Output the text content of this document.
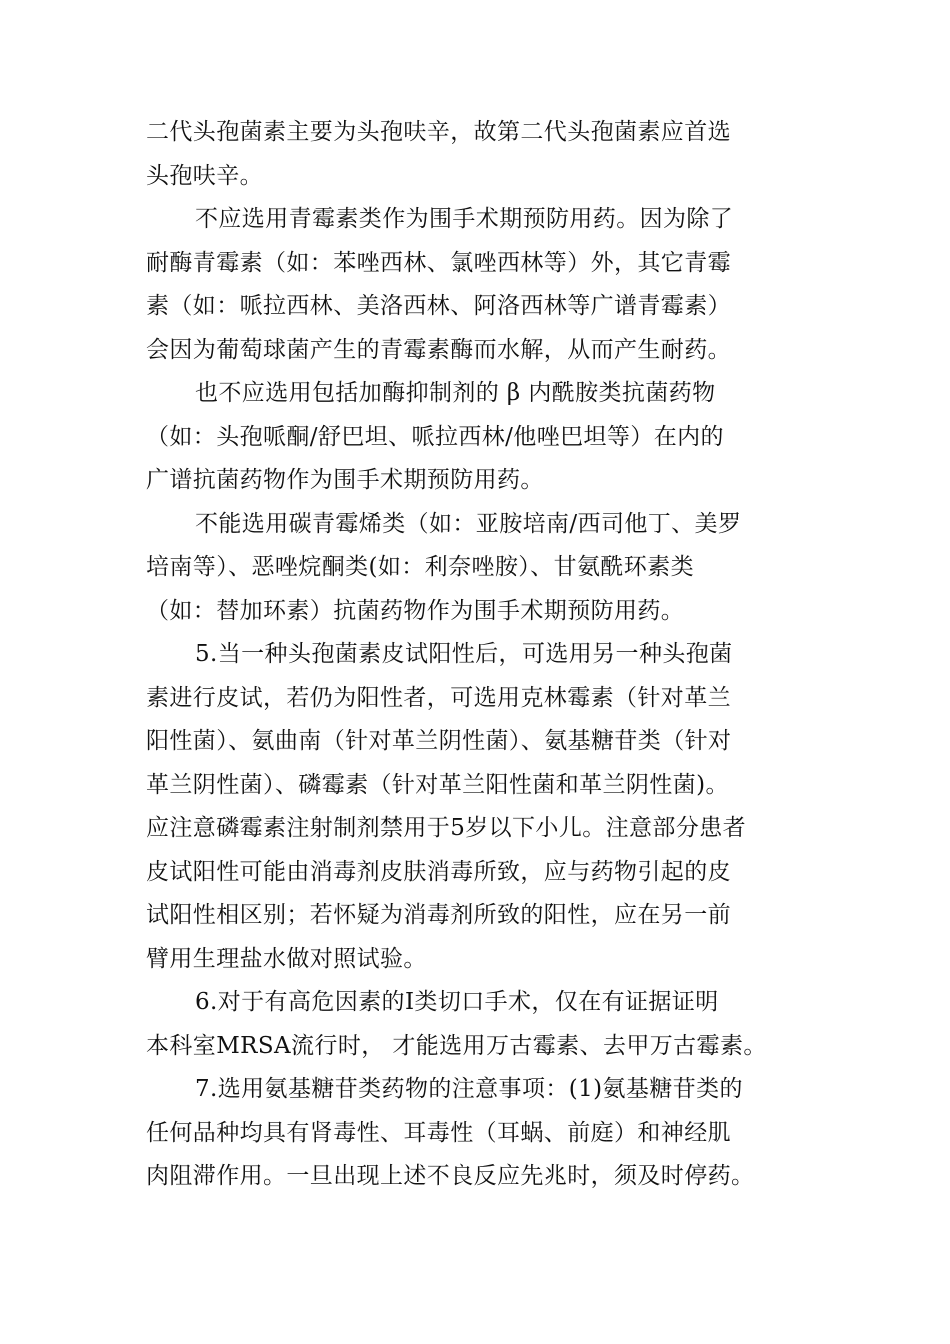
二代头孢菌素主要为头孢呋辛，故第二代头孢菌素应首选
头孢呋辛。
不应选用青霉素类作为围手术期预防用药。因为除了
耐酶青霉素（如：苯唑西林、氯唑西林等）外，其它青霉
素（如：哌拉西林、美洛西林、阿洛西林等广谱青霉素）
会因为葡萄球菌产生的青霉素酶而水解，从而产生耐药。
也不应选用包括加酶抑制剂的 β 内酰胺类抗菌药物
（如：头孢哌酮/舒巴坦、哌拉西林/他唑巴坦等）在内的
广谱抗菌药物作为围手术期预防用药。
不能选用碳青霉烯类（如：亚胺培南/西司他丁、美罗
培南等）、恶唑烷酮类(如：利奈唑胺）、甘氨酰环素类
（如：替加环素）抗菌药物作为围手术期预防用药。
5.当一种头孢菌素皮试阳性后，可选用另一种头孢菌
素进行皮试，若仍为阳性者，可选用克林霉素（针对革兰
阳性菌）、氨曲南（针对革兰阴性菌）、氨基糖苷类（针对
革兰阴性菌）、磷霉素（针对革兰阳性菌和革兰阴性菌)。
应注意磷霉素注射制剂禁用于5岁以下小儿。注意部分患者
皮试阳性可能由消毒剂皮肤消毒所致，应与药物引起的皮
试阳性相区别；若怀疑为消毒剂所致的阳性，应在另一前
臂用生理盐水做对照试验。
6.对于有高危因素的Ⅰ类切口手术，仅在有证据证明
本科室MRSA流行时， 才能选用万古霉素、去甲万古霉素。
7.选用氨基糖苷类药物的注意事项：(1)氨基糖苷类的
任何品种均具有肾毒性、耳毒性（耳蜗、前庭）和神经肌
肉阻滞作用。一旦出现上述不良反应先兆时，须及时停药。
